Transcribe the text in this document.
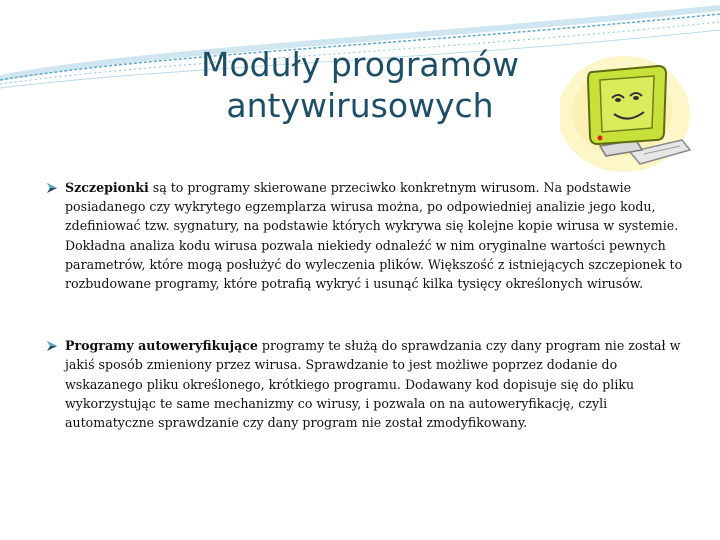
Moduły programów
antywirusowych
Szczepionki są to programy skierowane przeciwko konkretnym wirusom. Na podstawie posiadanego czy wykrytego egzemplarza wirusa można, po odpowiedniej analizie jego kodu, zdefiniować tzw. sygnatury, na podstawie których wykrywa się kolejne kopie wirusa w systemie. Dokładna analiza kodu wirusa pozwala niekiedy odnaleźć w nim oryginalne wartości pewnych parametrów, które mogą posłużyć do wyleczenia plików. Większość z istniejących szczepionek to rozbudowane programy, które potrafią wykryć i usunąć kilka tysięcy określonych wirusów.
Programy autoweryfikujące programy te służą do sprawdzania czy dany program nie został w jakiś sposób zmieniony przez wirusa. Sprawdzanie to jest możliwe poprzez dodanie do wskazanego pliku określonego, krótkiego programu. Dodawany kod dopisuje się do pliku wykorzystując te same mechanizmy co wirusy, i pozwala on na autoweryfikację, czyli automatyczne sprawdzanie czy dany program nie został zmodyfikowany.
